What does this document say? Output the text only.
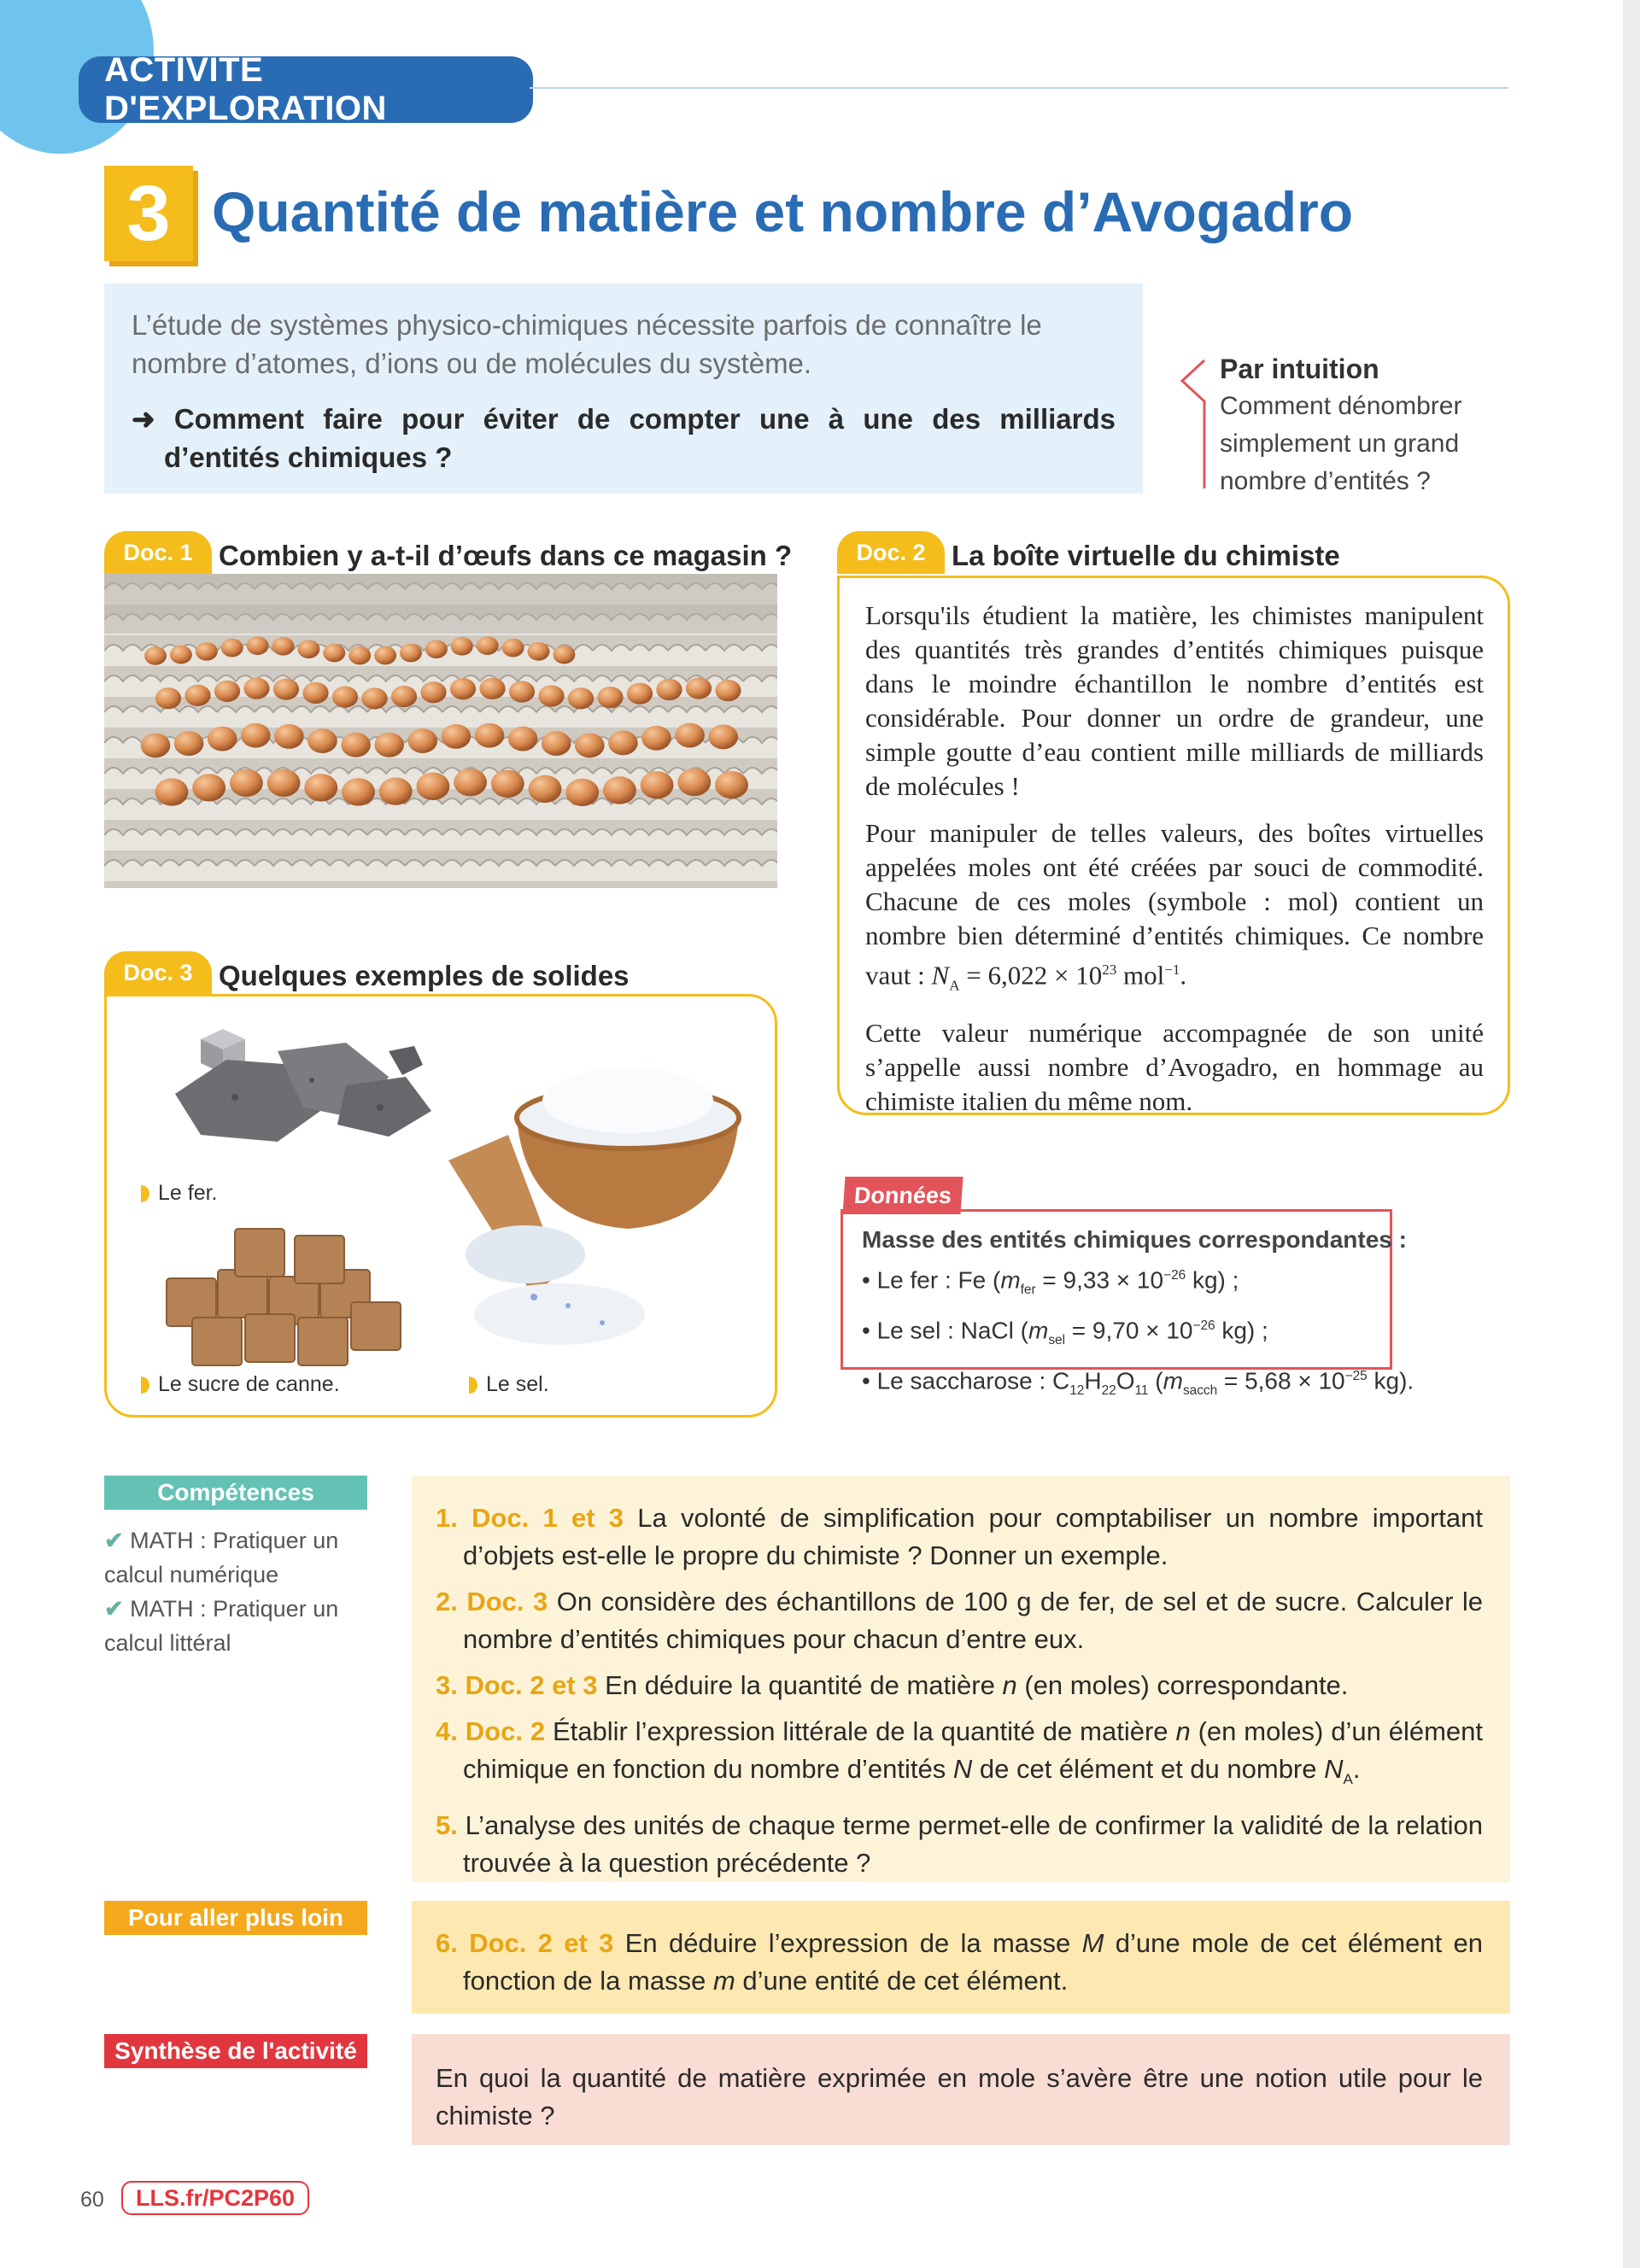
ACTIVITÉ D'EXPLORATION
3 Quantité de matière et nombre d’Avogadro
L’étude de systèmes physico-chimiques nécessite parfois de connaître le nombre d’atomes, d’ions ou de molécules du système.
➜ Comment faire pour éviter de compter une à une des milliards d’entités chimiques ?
Par intuition
Comment dénombrer simplement un grand nombre d’entités ?
Doc. 1 Combien y a-t-il d’œufs dans ce magasin ?	Doc. 2 La boîte virtuelle du chimiste

Lorsqu'ils étudient la matière, les chimistes manipulent des quantités très grandes d’entités chimiques puisque dans le moindre échantillon le nombre d’entités est considérable. Pour donner un ordre de grandeur, une simple goutte d’eau contient mille milliards de milliards de molécules !

Pour manipuler de telles valeurs, des boîtes virtuelles appelées moles ont été créées par souci de commodité. Chacune de ces moles (symbole : mol) contient un nombre bien déterminé d’entités chimiques. Ce nombre vaut : $N_A = 6,022 \times 10^{23}$ mol$^{-1}$.

Cette valeur numérique accompagnée de son unité s’appelle aussi nombre d’Avogadro, en hommage au chimiste italien du même nom.

Doc. 3 Quelques exemples de solides
Le fer.
Le sucre de canne.	Le sel.
Données
Masse des entités chimiques correspondantes :
• Le fer : Fe ($m_{fer} = 9,33 \times 10^{-26}$ kg) ;
• Le sel : NaCl ($m_{sel} = 9,70 \times 10^{-26}$ kg) ;
• Le saccharose : $C_{12}H_{22}O_{11}$ ($m_{sacch} = 5,68 \times 10^{-25}$ kg).
Compétences
✔ MATH : Pratiquer un calcul numérique
✔ MATH : Pratiquer un calcul littéral
1. Doc. 1 et 3 La volonté de simplification pour comptabiliser un nombre important d’objets est-elle le propre du chimiste ? Donner un exemple.
2. Doc. 3 On considère des échantillons de 100 g de fer, de sel et de sucre. Calculer le nombre d’entités chimiques pour chacun d’entre eux.
3. Doc. 2 et 3 En déduire la quantité de matière n (en moles) correspondante.
4. Doc. 2 Établir l’expression littérale de la quantité de matière n (en moles) d’un élément chimique en fonction du nombre d’entités N de cet élément et du nombre $N_A$.
5. L’analyse des unités de chaque terme permet-elle de confirmer la validité de la relation trouvée à la question précédente ?
Pour aller plus loin
6. Doc. 2 et 3 En déduire l’expression de la masse M d’une mole de cet élément en fonction de la masse m d’une entité de cet élément.
Synthèse de l'activité
En quoi la quantité de matière exprimée en mole s’avère être une notion utile pour le chimiste ?
60	LLS.fr/PC2P60
